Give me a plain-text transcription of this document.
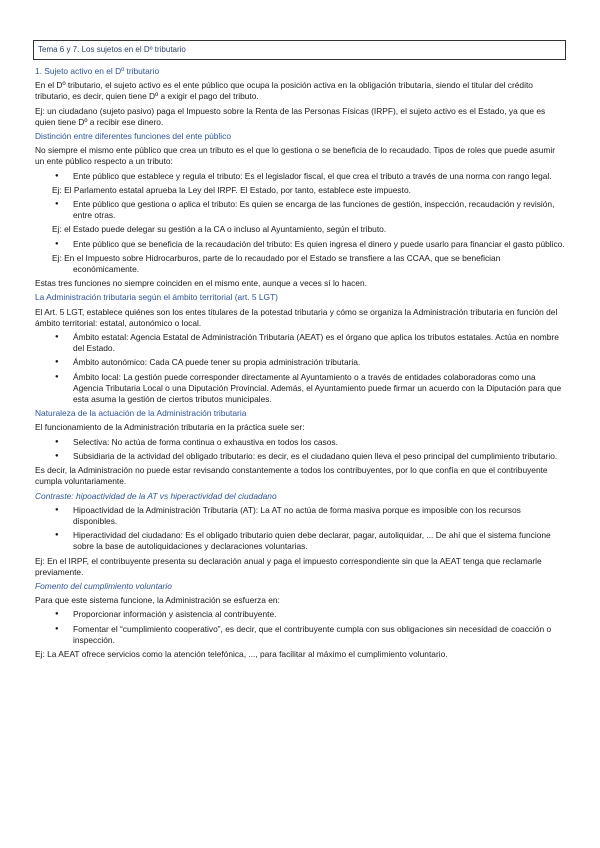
Tema 6 y 7. Los sujetos en el Dº tributario

1. Sujeto activo en el Dº tributario

En el Dº tributario, el sujeto activo es el ente público que ocupa la posición activa en la obligación tributaria, siendo el titular del crédito tributario, es decir, quien tiene Dº a exigir el pago del tributo.

Ej: un ciudadano (sujeto pasivo) paga el Impuesto sobre la Renta de las Personas Físicas (IRPF), el sujeto activo es el Estado, ya que es quien tiene Dº a recibir ese dinero.

Distinción entre diferentes funciones del ente público

No siempre el mismo ente público que crea un tributo es el que lo gestiona o se beneficia de lo recaudado. Tipos de roles que puede asumir un ente público respecto a un tributo:

● Ente público que establece y regula el tributo: Es el legislador fiscal, el que crea el tributo a través de una norma con rango legal.

Ej: El Parlamento estatal aprueba la Ley del IRPF. El Estado, por tanto, establece este impuesto.

● Ente público que gestiona o aplica el tributo: Es quien se encarga de las funciones de gestión, inspección, recaudación y revisión, entre otras.

Ej: el Estado puede delegar su gestión a la CA o incluso al Ayuntamiento, según el tributo.

● Ente público que se beneficia de la recaudación del tributo: Es quien ingresa el dinero y puede usarlo para financiar el gasto público.

Ej: En el Impuesto sobre Hidrocarburos, parte de lo recaudado por el Estado se transfiere a las CCAA, que se benefician económicamente.

Estas tres funciones no siempre coinciden en el mismo ente, aunque a veces sí lo hacen.

La Administración tributaria según el ámbito territorial (art. 5 LGT)

El Art. 5 LGT, establece quiénes son los entes titulares de la potestad tributaria y cómo se organiza la Administración tributaria en función del ámbito territorial: estatal, autonómico o local.

● Ámbito estatal: Agencia Estatal de Administración Tributaria (AEAT) es el órgano que aplica los tributos estatales. Actúa en nombre del Estado.
● Ámbito autonómico: Cada CA puede tener su propia administración tributaria.
● Ámbito local: La gestión puede corresponder directamente al Ayuntamiento o a través de entidades colaboradoras como una Agencia Tributaria Local o una Diputación Provincial. Además, el Ayuntamiento puede firmar un acuerdo con la Diputación para que esta asuma la gestión de ciertos tributos municipales.

Naturaleza de la actuación de la Administración tributaria

El funcionamiento de la Administración tributaria en la práctica suele ser:

● Selectiva: No actúa de forma continua o exhaustiva en todos los casos.
● Subsidiaria de la actividad del obligado tributario: es decir, es el ciudadano quien lleva el peso principal del cumplimiento tributario.

Es decir, la Administración no puede estar revisando constantemente a todos los contribuyentes, por lo que confía en que el contribuyente cumpla voluntariamente.

Contraste: hipoactividad de la AT vs hiperactividad del ciudadano

● Hipoactividad de la Administración Tributaria (AT): La AT no actúa de forma masiva porque es imposible con los recursos disponibles.
● Hiperactividad del ciudadano: Es el obligado tributario quien debe declarar, pagar, autoliquidar, ... De ahí que el sistema funcione sobre la base de autoliquidaciones y declaraciones voluntarias.

Ej: En el IRPF, el contribuyente presenta su declaración anual y paga el impuesto correspondiente sin que la AEAT tenga que reclamarle previamente.

Fomento del cumplimiento voluntario

Para que este sistema funcione, la Administración se esfuerza en:

● Proporcionar información y asistencia al contribuyente.
● Fomentar el “cumplimiento cooperativo”, es decir, que el contribuyente cumpla con sus obligaciones sin necesidad de coacción o inspección.

Ej: La AEAT ofrece servicios como la atención telefónica, ..., para facilitar al máximo el cumplimiento voluntario.
